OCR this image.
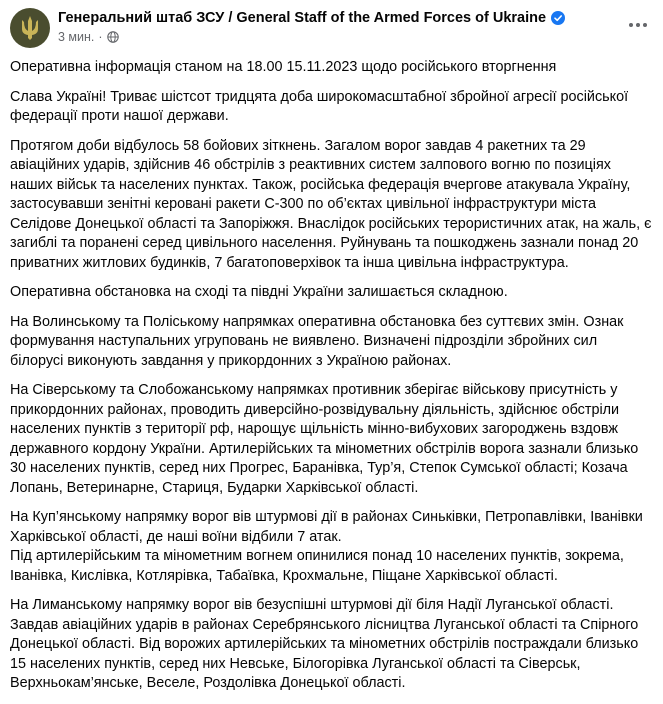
Генеральний штаб ЗСУ / General Staff of the Armed Forces of Ukraine
3 мин. ·

Оперативна інформація станом на 18.00 15.11.2023 щодо російського вторгнення

Слава Україні! Триває шістсот тридцята доба широкомасштабної збройної агресії російської федерації проти нашої держави.

Протягом доби відбулось 58 бойових зіткнень. Загалом ворог завдав 4 ракетних та 29 авіаційних ударів, здійснив 46 обстрілів з реактивних систем залпового вогню по позиціях наших військ та населених пунктах. Також, російська федерація вчергове атакувала Україну, застосувавши зенітні керовані ракети С-300 по об’єктах цивільної інфраструктури міста Селідове Донецької області та Запоріжжя. Внаслідок російських терористичних атак, на жаль, є загиблі та поранені серед цивільного населення. Руйнувань та пошкоджень зазнали понад 20 приватних житлових будинків, 7 багатоповерхівок та інша цивільна інфраструктура.

Оперативна обстановка на сході та півдні України залишається складною.

На Волинському та Поліському напрямках оперативна обстановка без суттєвих змін. Ознак формування наступальних угруповань не виявлено. Визначені підрозділи збройних сил білорусі виконують завдання у прикордонних з Україною районах.

На Сіверському та Слобожанському напрямках противник зберігає військову присутність у прикордонних районах, проводить диверсійно-розвідувальну діяльність, здійснює обстріли населених пунктів з території рф, нарощує щільність мінно-вибухових загороджень вздовж державного кордону України. Артилерійських та мінометних обстрілів ворога зазнали близько 30 населених пунктів, серед них Прогрес, Баранівка, Тур’я, Степок Сумської області; Козача Лопань, Ветеринарне, Стариця, Бударки Харківської області.

На Куп’янському напрямку ворог вів штурмові дії в районах Синьківки, Петропавлівки, Іванівки Харківської області, де наші воїни відбили 7 атак.
Під артилерійським та мінометним вогнем опинилися понад 10 населених пунктів, зокрема, Іванівка, Кислівка, Котлярівка, Табаївка, Крохмальне, Піщане Харківської області.

На Лиманському напрямку ворог вів безуспішні штурмові дії біля Надії Луганської області. Завдав авіаційних ударів в районах Серебрянського лісництва Луганської області та Спірного Донецької області. Від ворожих артилерійських та мінометних обстрілів постраждали близько 15 населених пунктів, серед них Невське, Білогорівка Луганської області та Сіверськ, Верхньокам’янське, Веселе, Роздолівка Донецької області.
